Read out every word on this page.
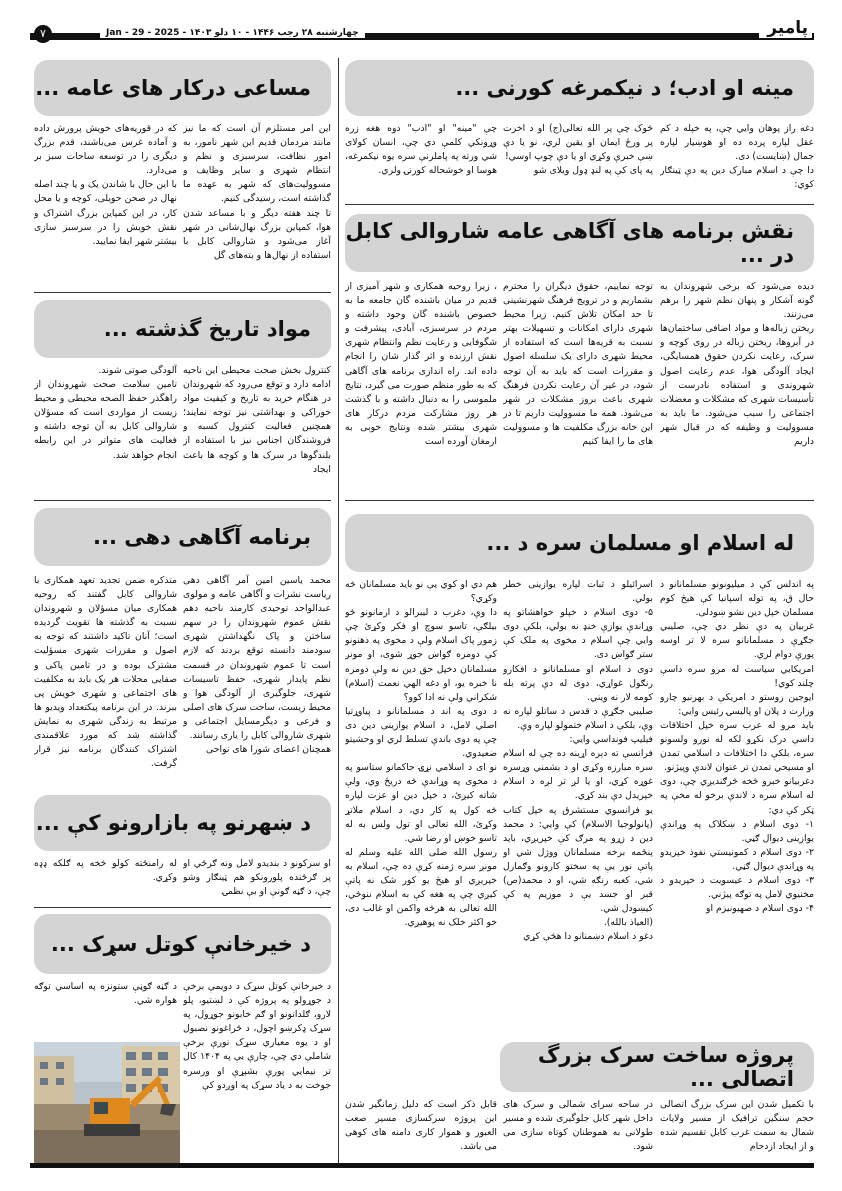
پامیر
چهارشنبه ۲۸ رجب ۱۴۴۶ - ۱۰ دلو ۱۴۰۳ - Jan - 29 - 2025
۷
مینه او ادب؛ د نیکمرغه کورنی ...
دغه راز پوهان وایي چې، په خپله د کم عقل لپاره پرده ده او هوښیار لپاره جمال (ښایست) دی.
دا چې د اسلام مبارک دین په دې ټینګار کوي:
څوک چې پر الله تعالی(ج) او د اخرت پر ورځ ایمان او یقین لري، نو یا دې ښې خبرې وکړي او یا دې چوپ اوسي!
په پای کې په لنډ ډول ویلای شو
چې "مینه" او "ادب" دوه هغه زره وړونکي کلمې دي چې، انسان کولای شي ورته په پاملرنې سره یوه نیکمرغه، هوسا او خوشحاله کورنۍ ولري.
نقش برنامه های آگاهی عامه شاروالی کابل در ...
دیده می‌شود که برخی شهروندان به گونه آشکار و پنهان نظم شهر را برهم می‌زنند.
ریختن زباله‌ها و مواد اضافی ساختمان‌ها در آبروها، ریختن زباله در روی کوچه و سرک، رعایت نکردن حقوق همسایگی، ایجاد آلودگی هوا، عدم رعایت اصول شهروندی و استفاده نادرست از تأسیسات شهری که مشکلات و معضلات اجتماعی را سبب می‌شود. ما باید به مسوولیت و وظیفه که در قبال شهر داریم
توجه نماییم، حقوق دیگران را محترم بشماریم و در ترویج فرهنگ شهرنشینی تا حد امکان تلاش کنیم. زیرا محیط شهری دارای امکانات و تسهیلات بهتر نسبت به قریه‌ها است که استفاده از محیط شهری دارای یک سلسله اصول و مقررات است که باید به آن توجه شود، در غیر آن رعایت نکردن فرهنگ شهری باعث بروز مشکلات در شهر می‌شود. همه ما مسوولیت داریم تا در این خانه بزرگ مکلفیت ها و مسوولیت های ما را ایفا کنیم
، زیرا روحیه همکاری و شهر آمیزی از قدیم در میان باشنده گان جامعه ما به خصوص باشنده گان وجود داشته و مردم در سرسبزی، آبادی، پیشرفت و شگوفایی و رعایت نظم وانتظام شهری نقش ارزنده و اثر گذار شان را انجام داده اند. راه اندازی برنامه های آگاهی که به طور منظم صورت می گیرد، نتایج ملموسی را به دنبال داشته و با گذشت هر روز مشارکت مردم درکار های شهری بیشتر شده ونتایج خوبی به ارمغان آورده است
له اسلام او مسلمان سره د ...
په اندلس کې د میلیونونو مسلمانانو د حال ق، په توله اسپانیا کې هیڅ کوم مسلمان خپل دین نشو ښودلی.
غربیان په دې نظر دي چې، صلیبي جګړې د مسلمانانو سره لا تر اوسه پورې دوام لري.
امریکایي سیاست له مرو سره داسې چلند کوي!
ایوجین روستو د امریکې د بهرنیو چارو وزارت د پلان او پالیسۍ رئیس وایي:
باید مرو له عرب سره خپل اختلافات داسې درک نکړو لکه له نورو ولسونو سره، بلکې دا اختلافات د اسلامي تمدن او مسیحي تمدن تر عنوان لاندې وپیژنو.
دغربیانو خبرو څخه څرګندیږي چې، دوی له اسلام سره د لاندې برخو له مخې په ټکر کې دي:
۱- دوی اسلام د ښکلاک په وړاندې یوازینی دیوال ګڼي.
۲- دوی اسلام د کمونیستي نفوذ خپریدو په وړاندې دیوال ګڼي.
۳- دوی اسلام د عیسویت د خپریدو د مخنیوي لامل په توګه پیژني.
۴- دوی اسلام د صهیونیزم او
اسرائیلو د ثبات لپاره یوازینی خطر بولي.
۵- دوی اسلام د خپلو خواهشاتو په وړاندې یوازې خنډ نه بولي، بلکې دوی وایي چې اسلام د مخوی په ملک کې ستر ګواښ دی.
دوی د اسلام او مسلمانانو د افکارو رنګول غواړي، دوی له دې پرته بله کومه لار نه ویني.
صلیبي جګړې د قدس د ساتلو لپاره نه وې، بلکې د اسلام ختمولو لپاره وې.
فیلیپ فونداسي وایي:
فرانسې ته دېره اړینه ده چې له اسلام سره مبارزه وکړي او د بشمني وړسره غوړه کړي، او یا لږ تر لږه د اسلام خپریدل دې بند کړي.
یو فرانسوي مستشرق په خپل کتاب (پانولوجیا الاسلام) کې وایي: د محمد دین د زړو په مرګ کې خپریږي، باید پنځمه برخه مسلمانان ووژل شي او پاتې نور یې په سختو کارونو وګمارل شي، کعبه رنګه شي، او د محمد(ص) قبر او جسد یې د موزیم په کې کیښودل شي.
(العیاذ بالله).
دغو د اسلام دښمنانو دا هڅې کړي
هم دي او کوي یې نو باید مسلمانان څه وکړي؟
دا وې، دغرب د لیبرالو د ارمانونو ځو بیلګې، تاسو سوچ او فکر وکړئ چې زموږ پاک اسلام ولې د مخوی په ذهنونو کې دومره ګواښ جوړ شوی، او مونږ مسلمانان دخپل حق دین نه ولې دومره نا خبره یو، او دغه الهي نعمت (اسلام) شکراني ولې نه ادا کوو؟
د دوی په اند د مسلمانانو د پیاوړتیا اصلي لامل، د اسلام یوازینی دین دی چې په دوی باندې تسلط لري او وحشیتو ضعیدوي.
نو ای د اسلامي نړۍ حاکمانو ستاسو په د مخوی په وړاندې څه دریځ وي، ولې شاته کیږئ، د خپل دین او عزت لپاره څه کول په کار دي، د اسلام ملاتړ وکړئ، الله تعالی او تول ولس به له تاسو خوښ او رضا شي.
رسول الله صلی الله علیه وسلم له مونږ سره ژمنه کړې ده چې، اسلام به خپریږي او هیڅ یو کور شک نه پاتې کیږي چې په هغه کې به اسلام ننوځي، الله تعالی به هرڅه واکمن او غالب دی، خو اکثر خلک نه پوهیږي.
پروژه ساخت سرک بزرگ اتصالی ...
با تکمیل شدن این سرک بزرگ اتصالی حجم سنگین ترافیک از مسیر ولایات شمال به سمت غرب کابل تقسیم شده و از ایجاد ازدحام
در ساحه سرای شمالی و سرک های داخل شهر کابل جلوگیری شده و مسیر طولانی به هموطنان کوتاه سازی می شود.
قابل ذکر است که دلیل زمانگیر شدن این پروژه سرکسازی مسیر صعب العبور و هموار کاری دامنه های کوهی می باشد.
مساعی درکار های عامه ...
این امر مستلزم آن است که ما نیز مانند مردمان قدیم این شهر نامور، به امور نظافت، سرسبزی و نظم و انتظام شهری و سایر وظایف و مسوولیت‌های که شهر به عهده ما گذاشته است، رسیدگی کنیم.
تا چند هفته دیگر و با مساعد شدن هوا، کمپاین بزرگ نهال‌شانی در شهر آغاز می‌شود و شاروالی کابل با استفاده از نهال‌ها و بته‌های گل
که در قوریه‌های خویش پرورش داده و آماده غرس می‌باشند، قدم بزرگ دیگری را در توسعه ساحات سبز بر می‌دارد.
با این حال با شاندن یک و یا چند اصله نهال در صحن حویلی، کوچه و یا محل کار، در این کمپاین بزرگ اشتراک و نقش خویش را در سرسبز سازی بیشتر شهر ایفا نمایید.
مواد تاریخ گذشته ...
کنترول بخش صحت محیطی این ناحیه ادامه دارد و توقع می‌رود که شهروندان در هنگام خرید به تاریخ و کیفیت مواد خوراکی و بهداشتی نیز توجه نمایند؛ همچنین فعالیت کنترول کسبه و فروشندگان اجناس نیز با استفاده از بلندگوها در سرک ها و کوچه ها باعث ایجاد
آلودگی صوتی شوند.
تامین سلامت صحت شهروندان از راهگذر حفظ الصحه محیطی و محیط زیست از مواردی است که مسؤلان شاروالی کابل به آن توجه داشته و فعالیت های متواتر در این رابطه انجام خواهد شد.
برنامه آگاهی دهی ...
محمد یاسین امین آمر آگاهی دهی ریاست نشرات و آگاهی عامه و مولوی عبدالواحد توحیدی کارمند ناحیه دهم نقش عموم شهروندان را در سهم ساختن و پاک نگهداشتن شهری سودمند دانسته توقع بردند که لازم است تا عموم شهروندان در قسمت نظم پایدار شهری، حفظ تاسیسات شهری، جلوگیری از آلودگی هوا و محیط زیست، ساحت سرک های اصلی و فرعی و دیگرمسایل اجتماعی و شهری شاروالی کابل را یاری رسانند.
همچنان اعضای شورا های نواحی
متذکره ضمن تجدید تعهد همکاری با شاروالی کابل گفتند که روحیه همکاری میان مسؤلان و شهروندان نسبت به گذشته ها تقویت گردیده است؛ آنان تاکید داشتند که توجه به اصول و مقررات شهری مسؤلیت مشترک بوده و در تامین پاکی و صفایی محلات هر یک باید به مکلفیت های اجتماعی و شهری خویش پی ببرند. در این برنامه پیکتعداد ویدیو ها مرتبط به زندگی شهری به نمایش گذاشته شد که مورد علاقمندی اشتراک کنندگان برنامه نیز قرار گرفت.
د ښهرنو په بازارونو کې ...
او سرکونو د بندیدو لامل ونه ګرځي او پر ګرځنده پلورونکو هم ټینګار وشو چې، د ګڼه ګونې او بې نظمۍ
له رامنځته کولو څخه په ګلکه ډډه وکړي.
د خیرخانې کوتل سړک ...
د خیرخانې کوتل سړک د دویمې برخې د جوړولو په پروژه کې د لښتیو، پلو لارو، ګلدانونو او ګم خابونو جوړول، په سړک ډکرښو اچول، د ځراغونو نصبول او د یوه معیاري سړک نورې برخې شاملې دي چې، چارې یې په ۱۴۰۴ کال تر نیمایي پورې بشپړې او ورسره جوخت به د یاد سړک په اوږدو کې
د ګڼه ګوڼې ستونزه په اساسي توګه هواره شي.
